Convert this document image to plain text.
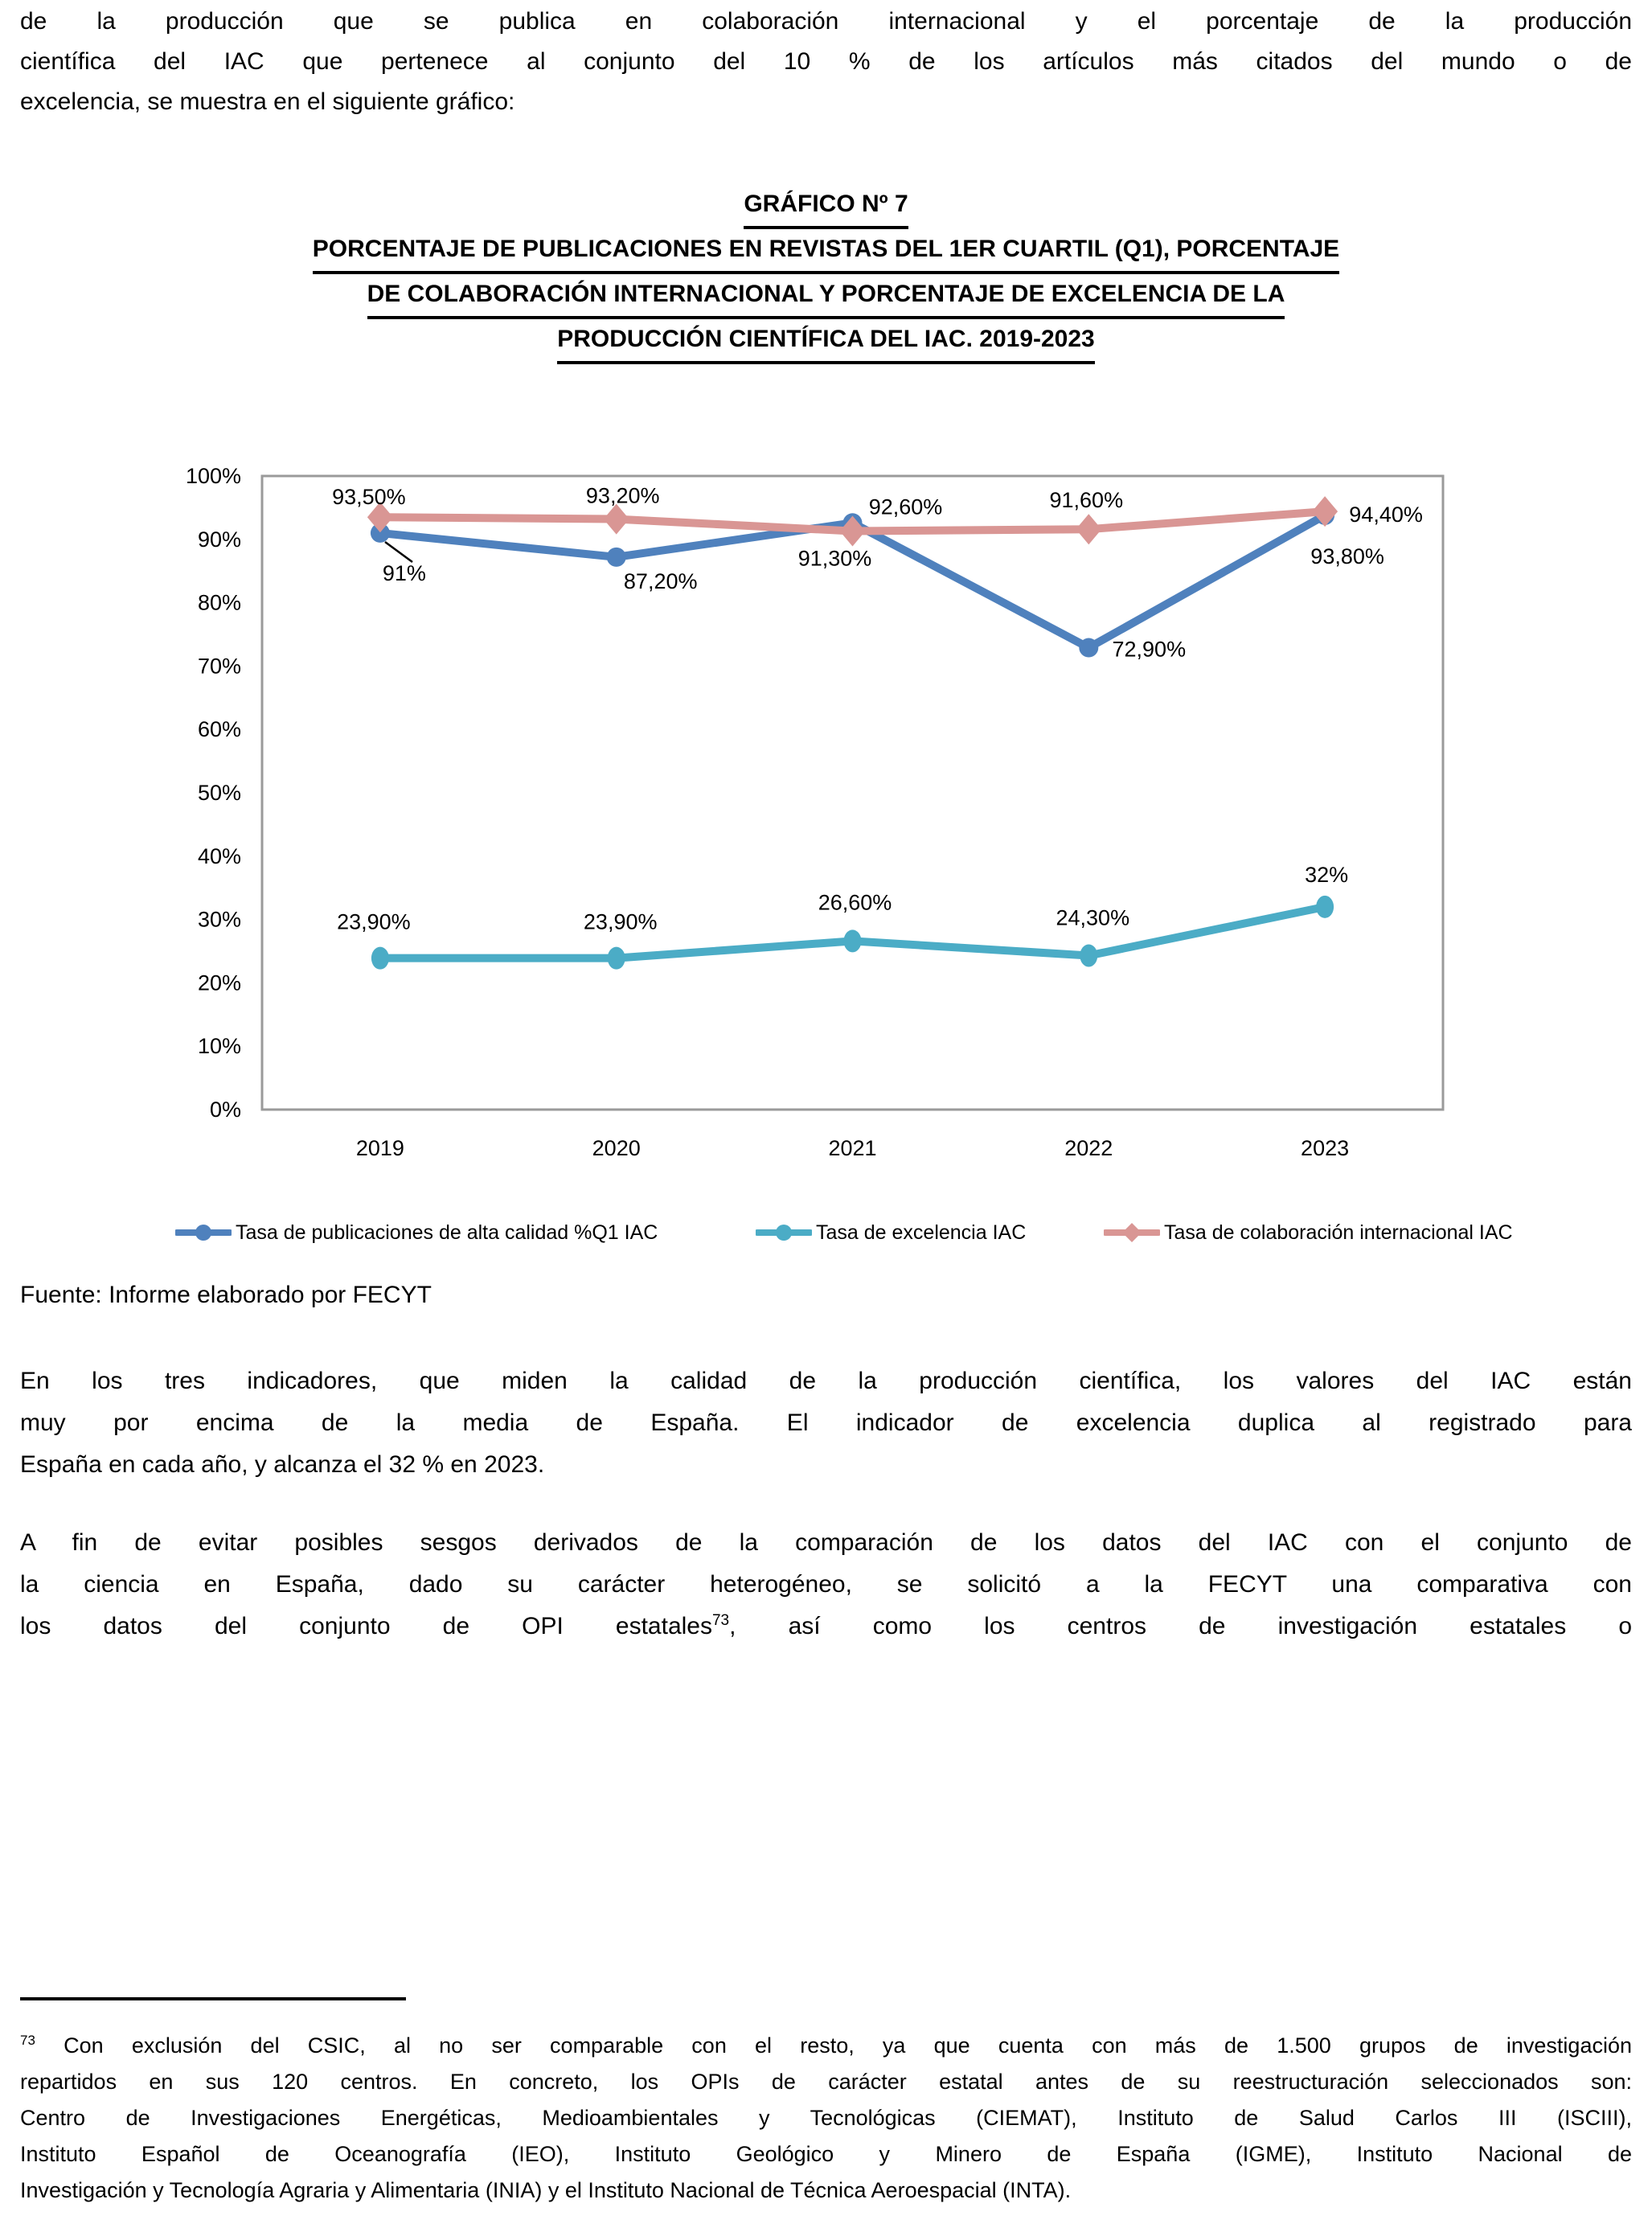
de la producción que se publica en colaboración internacional y el porcentaje de la producción
científica del IAC que pertenece al conjunto del 10 % de los artículos más citados del mundo o de
excelencia, se muestra en el siguiente gráfico:
GRÁFICO Nº 7
PORCENTAJE DE PUBLICACIONES EN REVISTAS DEL 1ER CUARTIL (Q1), PORCENTAJE
DE COLABORACIÓN INTERNACIONAL Y PORCENTAJE DE EXCELENCIA DE LA
PRODUCCIÓN CIENTÍFICA DEL IAC. 2019-2023
0%
10%
20%
30%
40%
50%
60%
70%
80%
90%
100%
2019	2020	2021	2022	2023
91%	87,20%
92,60%
72,90%
93,80%
23,90%	23,90%
26,60%
24,30%
32%
93,50%	93,20%
91,30%
91,60%
94,40%
Tasa de publicaciones de alta calidad %Q1 IAC	Tasa de excelencia IAC	Tasa de colaboración internacional IAC
Fuente: Informe elaborado por FECYT
En los tres indicadores, que miden la calidad de la producción científica, los valores del IAC están
muy por encima de la media de España. El indicador de excelencia duplica al registrado para
España en cada año, y alcanza el 32 % en 2023.
A fin de evitar posibles sesgos derivados de la comparación de los datos del IAC con el conjunto de
la ciencia en España, dado su carácter heterogéneo, se solicitó a la FECYT una comparativa con
los datos del conjunto de OPI estatales$^{73}$, así como los centros de investigación estatales o
$^{73}$ Con exclusión del CSIC, al no ser comparable con el resto, ya que cuenta con más de 1.500 grupos de investigación
repartidos en sus 120 centros. En concreto, los OPIs de carácter estatal antes de su reestructuración seleccionados son:
Centro de Investigaciones Energéticas, Medioambientales y Tecnológicas (CIEMAT), Instituto de Salud Carlos III (ISCIII),
Instituto Español de Oceanografía (IEO), Instituto Geológico y Minero de España (IGME), Instituto Nacional de
Investigación y Tecnología Agraria y Alimentaria (INIA) y el Instituto Nacional de Técnica Aeroespacial (INTA).
